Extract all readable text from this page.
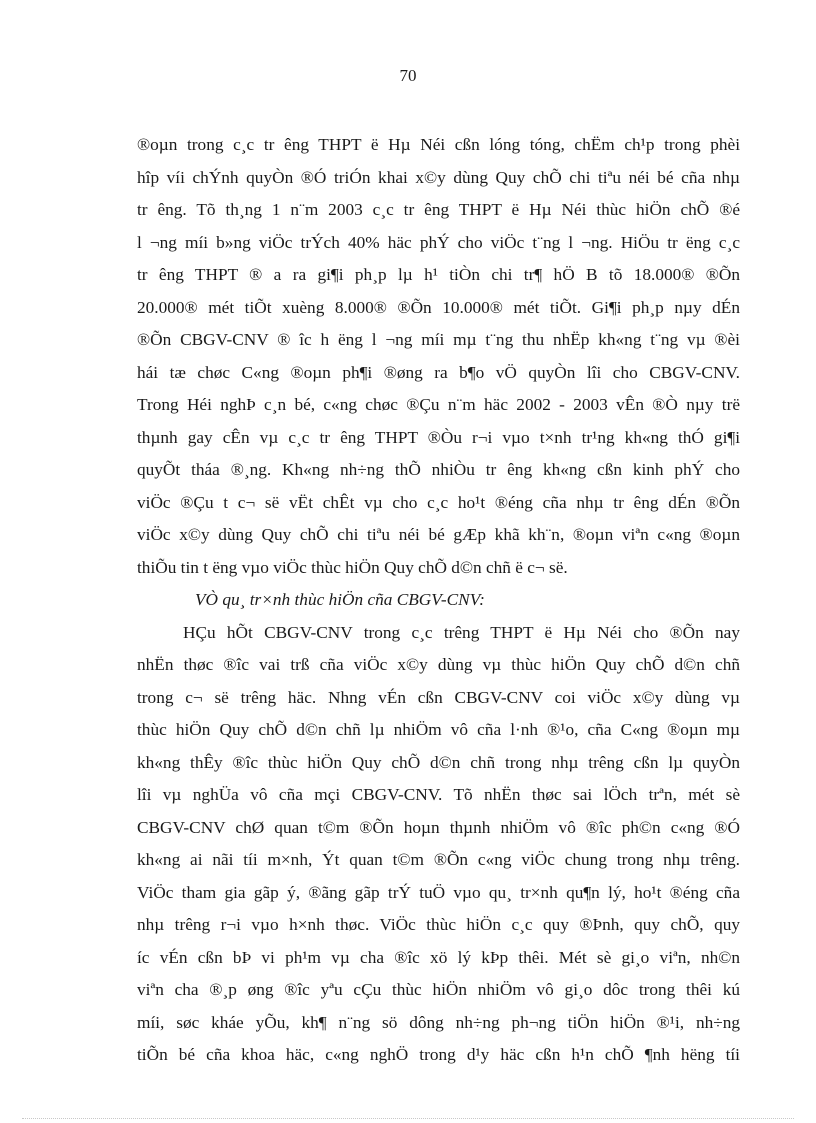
70
®oµn trong c¸c tr êng THPT ë Hµ Néi cßn lóng tóng, chËm ch¹p trong phèi
hîp víi chÝnh quyÒn ®Ó triÓn khai x©y dùng Quy chÕ chi tiªu néi bé cña nhµ
tr êng. Tõ th¸ng 1 n¨m 2003 c¸c tr êng THPT ë Hµ Néi thùc hiÖn chÕ ®é
l ¬ng míi b»ng viÖc trÝch 40% häc phÝ cho viÖc t¨ng l ¬ng. HiÖu tr ëng c¸c
tr êng THPT ® a ra gi¶i ph¸p lµ h¹ tiÒn chi tr¶ hÖ B tõ 18.000® ®Õn
20.000® mét tiÕt xuèng 8.000® ®Õn 10.000® mét tiÕt. Gi¶i ph¸p nµy dÉn
®Õn CBGV-CNV ® îc h ëng l ¬ng míi mµ t¨ng thu nhËp kh«ng t¨ng vµ ®èi
hái tæ chøc C«ng ®oµn ph¶i ®øng ra b¶o vÖ quyÒn lîi cho CBGV-CNV.
Trong Héi nghÞ c¸n bé, c«ng chøc ®Çu n¨m häc 2002 - 2003 vÊn ®Ò nµy trë
thµnh gay cÊn vµ c¸c tr êng THPT ®Òu r¬i vµo t×nh tr¹ng kh«ng thÓ gi¶i
quyÕt tháa ®¸ng. Kh«ng nh÷ng thÕ nhiÒu tr êng kh«ng cßn kinh phÝ cho
viÖc ®Çu t c¬ së vËt chÊt vµ cho c¸c ho¹t ®éng cña nhµ tr êng dÉn ®Õn
viÖc x©y dùng Quy chÕ chi tiªu néi bé gÆp khã kh¨n, ®oµn viªn c«ng ®oµn
thiÕu tin t ëng vµo viÖc thùc hiÖn Quy chÕ d©n chñ ë c¬ së.
VÒ qu¸ tr×nh thùc hiÖn cña CBGV-CNV:
HÇu hÕt CBGV-CNV trong c¸c trêng THPT ë Hµ Néi cho ®Õn nay
nhËn thøc ®îc vai trß cña viÖc x©y dùng vµ thùc hiÖn Quy chÕ d©n chñ
trong c¬ së trêng häc. Nhng vÉn cßn CBGV-CNV coi viÖc x©y dùng vµ
thùc hiÖn Quy chÕ d©n chñ lµ nhiÖm vô cña l·nh ®¹o, cña C«ng ®oµn mµ
kh«ng thÊy ®îc thùc hiÖn Quy chÕ d©n chñ trong nhµ trêng cßn lµ quyÒn
lîi vµ nghÜa vô cña mçi CBGV-CNV. Tõ nhËn thøc sai lÖch trªn, mét sè
CBGV-CNV chØ quan t©m ®Õn hoµn thµnh nhiÖm vô ®îc ph©n c«ng ®Ó
kh«ng ai nãi tíi m×nh, Ýt quan t©m ®Õn c«ng viÖc chung trong nhµ trêng.
ViÖc tham gia gãp ý, ®ãng gãp trÝ tuÖ vµo qu¸ tr×nh qu¶n lý, ho¹t ®éng cña
nhµ trêng r¬i vµo h×nh thøc. ViÖc thùc hiÖn c¸c quy ®Þnh, quy chÕ, quy
íc vÉn cßn bÞ vi ph¹m vµ cha ®îc xö lý kÞp thêi. Mét sè gi¸o viªn, nh©n
viªn cha ®¸p øng ®îc yªu cÇu thùc hiÖn nhiÖm vô gi¸o dôc trong thêi kú
míi, søc kháe yÕu, kh¶ n¨ng sö dông nh÷ng ph¬ng tiÖn hiÖn ®¹i, nh÷ng
tiÕn bé cña khoa häc, c«ng nghÖ trong d¹y häc cßn h¹n chÕ ¶nh hëng tíi
